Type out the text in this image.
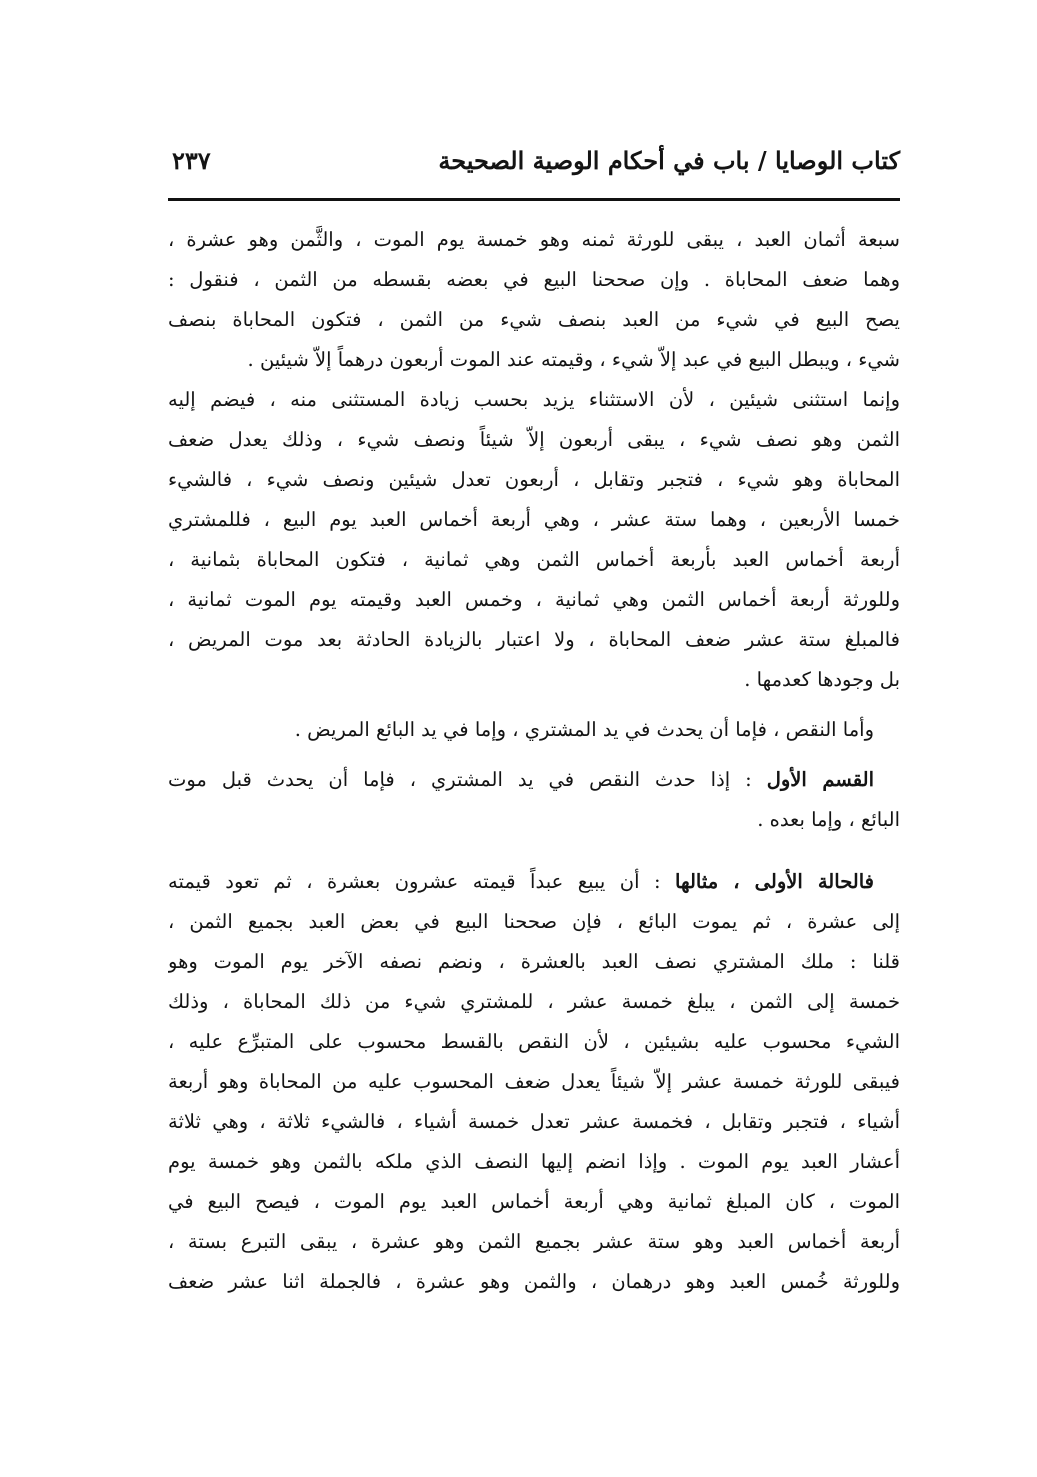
كتاب الوصايا / باب في أحكام الوصية الصحيحة
٢٣٧
سبعة أثمان العبد ، يبقى للورثة ثمنه وهو خمسة يوم الموت ، والثَّمن وهو عشرة ،
وهما ضعف المحاباة . وإن صححنا البيع في بعضه بقسطه من الثمن ، فنقول :
يصح البيع في شيء من العبد بنصف شيء من الثمن ، فتكون المحاباة بنصف
شيء ، ويبطل البيع في عبد إلاّ شيء ، وقيمته عند الموت أربعون درهماً إلاّ شيئين .
وإنما استثنى شيئين ، لأن الاستثناء يزيد بحسب زيادة المستثنى منه ، فيضم إليه
الثمن وهو نصف شيء ، يبقى أربعون إلاّ شيئاً ونصف شيء ، وذلك يعدل ضعف
المحاباة وهو شيء ، فتجبر وتقابل ، أربعون تعدل شيئين ونصف شيء ، فالشيء
خمسا الأربعين ، وهما ستة عشر ، وهي أربعة أخماس العبد يوم البيع ، فللمشتري
أربعة أخماس العبد بأربعة أخماس الثمن وهي ثمانية ، فتكون المحاباة بثمانية ،
وللورثة أربعة أخماس الثمن وهي ثمانية ، وخمس العبد وقيمته يوم الموت ثمانية ،
فالمبلغ ستة عشر ضعف المحاباة ، ولا اعتبار بالزيادة الحادثة بعد موت المريض ،
بل وجودها كعدمها .
وأما النقص ، فإما أن يحدث في يد المشتري ، وإما في يد البائع المريض .
القسم الأول : إذا حدث النقص في يد المشتري ، فإما أن يحدث قبل موت
البائع ، وإما بعده .
فالحالة الأولى ، مثالها : أن يبيع عبداً قيمته عشرون بعشرة ، ثم تعود قيمته
إلى عشرة ، ثم يموت البائع ، فإن صححنا البيع في بعض العبد بجميع الثمن ،
قلنا : ملك المشتري نصف العبد بالعشرة ، ونضم نصفه الآخر يوم الموت وهو
خمسة إلى الثمن ، يبلغ خمسة عشر ، للمشتري شيء من ذلك المحاباة ، وذلك
الشيء محسوب عليه بشيئين ، لأن النقص بالقسط محسوب على المتبرِّع عليه ،
فيبقى للورثة خمسة عشر إلاّ شيئاً يعدل ضعف المحسوب عليه من المحاباة وهو أربعة
أشياء ، فتجبر وتقابل ، فخمسة عشر تعدل خمسة أشياء ، فالشيء ثلاثة ، وهي ثلاثة
أعشار العبد يوم الموت . وإذا انضم إليها النصف الذي ملكه بالثمن وهو خمسة يوم
الموت ، كان المبلغ ثمانية وهي أربعة أخماس العبد يوم الموت ، فيصح البيع في
أربعة أخماس العبد وهو ستة عشر بجميع الثمن وهو عشرة ، يبقى التبرع بستة ،
وللورثة خُمس العبد وهو درهمان ، والثمن وهو عشرة ، فالجملة اثنا عشر ضعف
